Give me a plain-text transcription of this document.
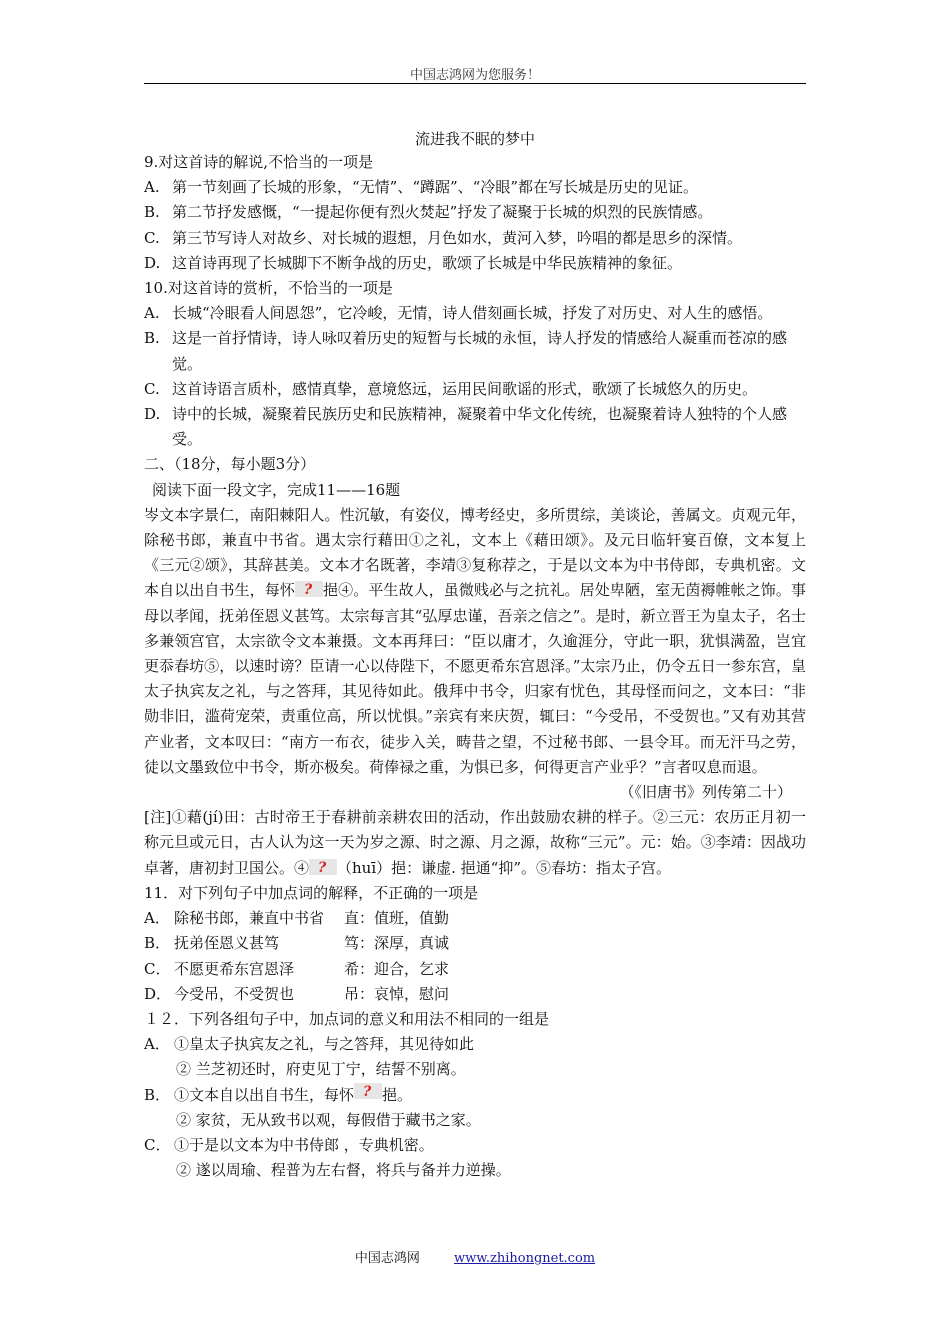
中国志鸿网为您服务！
流进我不眠的梦中
9.对这首诗的解说,不恰当的一项是
A. 第一节刻画了长城的形象，“无情”、“蹲踞”、“冷眼”都在写长城是历史的见证。
B. 第二节抒发感慨，“一提起你便有烈火焚起”抒发了凝聚于长城的炽烈的民族情感。
C. 第三节写诗人对故乡、对长城的遐想，月色如水，黄河入梦，吟唱的都是思乡的深情。
D. 这首诗再现了长城脚下不断争战的历史，歌颂了长城是中华民族精神的象征。
10.对这首诗的赏析，不恰当的一项是
A. 长城“冷眼看人间恩怨”，它冷峻，无情，诗人借刻画长城，抒发了对历史、对人生的感悟。
B. 这是一首抒情诗，诗人咏叹着历史的短暂与长城的永恒，诗人抒发的情感给人凝重而苍凉的感觉。
C. 这首诗语言质朴，感情真挚，意境悠远，运用民间歌谣的形式，歌颂了长城悠久的历史。
D. 诗中的长城，凝聚着民族历史和民族精神，凝聚着中华文化传统，也凝聚着诗人独特的个人感受。
二、（18分，每小题3分）
阅读下面一段文字，完成11——16题
岑文本字景仁，南阳棘阳人。性沉敏，有姿仪，博考经史，多所贯综，美谈论，善属文。贞观元年，除秘书郎，兼直中书省。遇太宗行藉田①之礼，文本上《藉田颂》。及元日临轩宴百僚，文本复上《三元②颂》，其辞甚美。文本才名既著，李靖③复称荐之，于是以文本为中书侍郎，专典机密。文本自以出自书生，每怀 ? 挹④。平生故人，虽微贱必与之抗礼。居处卑陋，室无茵褥帷帐之饰。事母以孝闻，抚弟侄恩义甚笃。太宗每言其“弘厚忠谨，吾亲之信之”。是时，新立晋王为皇太子，名士多兼领宫官，太宗欲令文本兼摄。文本再拜曰：“臣以庸才，久逾涯分，守此一职，犹惧满盈，岂宜更忝春坊⑤，以速时谤？臣请一心以侍陛下，不愿更希东宫恩泽。”太宗乃止，仍令五日一参东宫，皇太子执宾友之礼，与之答拜，其见待如此。俄拜中书令，归家有忧色，其母怪而问之，文本曰：“非勋非旧，滥荷宠荣，责重位高，所以忧惧。”亲宾有来庆贺，辄曰：“今受吊，不受贺也。”又有劝其营产业者，文本叹曰：“南方一布衣，徒步入关，畴昔之望，不过秘书郎、一县令耳。而无汗马之劳，徒以文墨致位中书令，斯亦极矣。荷俸禄之重，为惧已多，何得更言产业乎？”言者叹息而退。
（《旧唐书》列传第二十）
[注]①藉(jí)田：古时帝王于春耕前亲耕农田的活动，作出鼓励农耕的样子。②三元：农历正月初一称元旦或元日，古人认为这一天为岁之源、时之源、月之源，故称“三元”。元：始。③李靖：因战功卓著，唐初封卫国公。④ ? （huī）挹：谦虚. 挹通“抑”。⑤春坊：指太子宫。
11．对下列句子中加点词的解释，不正确的一项是
A． 除秘书郎，兼直中书省	直：值班，值勤
B． 抚弟侄恩义甚笃	笃：深厚，真诚
C． 不愿更希东宫恩泽	希：迎合，乞求
D． 今受吊，不受贺也	吊：哀悼，慰问
１２．下列各组句子中，加点词的意义和用法不相同的一组是
A． ①皇太子执宾友之礼，与之答拜，其见待如此
② 兰芝初还时，府吏见丁宁，结誓不别离。
B． ①文本自以出自书生，每怀 ? 挹。
② 家贫，无从致书以观，每假借于藏书之家。
C． ①于是以文本为中书侍郎 ，专典机密。
② 遂以周瑜、程普为左右督，将兵与备并力逆操。
中国志鸿网	www.zhihongnet.com
